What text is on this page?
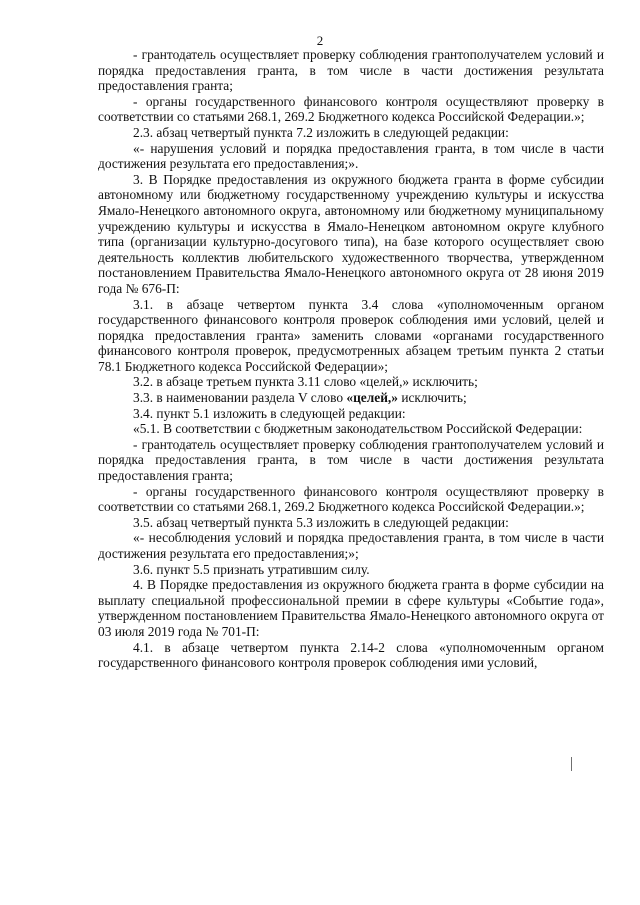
2

- грантодатель осуществляет проверку соблюдения грантополучателем условий и порядка предоставления гранта, в том числе в части достижения результата предоставления гранта;

- органы государственного финансового контроля осуществляют проверку в соответствии со статьями 268.1, 269.2 Бюджетного кодекса Российской Федерации.»;

2.3. абзац четвертый пункта 7.2 изложить в следующей редакции:

«- нарушения условий и порядка предоставления гранта, в том числе в части достижения результата его предоставления;».

3. В Порядке предоставления из окружного бюджета гранта в форме субсидии автономному или бюджетному государственному учреждению культуры и искусства Ямало-Ненецкого автономного округа, автономному или бюджетному муниципальному учреждению культуры и искусства в Ямало-Ненецком автономном округе клубного типа (организации культурно-досугового типа), на базе которого осуществляет свою деятельность коллектив любительского художественного творчества, утвержденном постановлением Правительства Ямало-Ненецкого автономного округа от 28 июня 2019 года № 676-П:

3.1. в абзаце четвертом пункта 3.4 слова «уполномоченным органом государственного финансового контроля проверок соблюдения ими условий, целей и порядка предоставления гранта» заменить словами «органами государственного финансового контроля проверок, предусмотренных абзацем третьим пункта 2 статьи 78.1 Бюджетного кодекса Российской Федерации»;

3.2. в абзаце третьем пункта 3.11 слово «целей,» исключить;

3.3. в наименовании раздела V слово «целей,» исключить;

3.4. пункт 5.1 изложить в следующей редакции:

«5.1. В соответствии с бюджетным законодательством Российской Федерации:

- грантодатель осуществляет проверку соблюдения грантополучателем условий и порядка предоставления гранта, в том числе в части достижения результата предоставления гранта;

- органы государственного финансового контроля осуществляют проверку в соответствии со статьями 268.1, 269.2 Бюджетного кодекса Российской Федерации.»;

3.5. абзац четвертый пункта 5.3 изложить в следующей редакции:

«- несоблюдения условий и порядка предоставления гранта, в том числе в части достижения результата его предоставления;»;

3.6. пункт 5.5 признать утратившим силу.

4. В Порядке предоставления из окружного бюджета гранта в форме субсидии на выплату специальной профессиональной премии в сфере культуры «Событие года», утвержденном постановлением Правительства Ямало-Ненецкого автономного округа от 03 июля 2019 года № 701-П:

4.1. в абзаце четвертом пункта 2.14-2 слова «уполномоченным органом государственного финансового контроля проверок соблюдения ими условий,
